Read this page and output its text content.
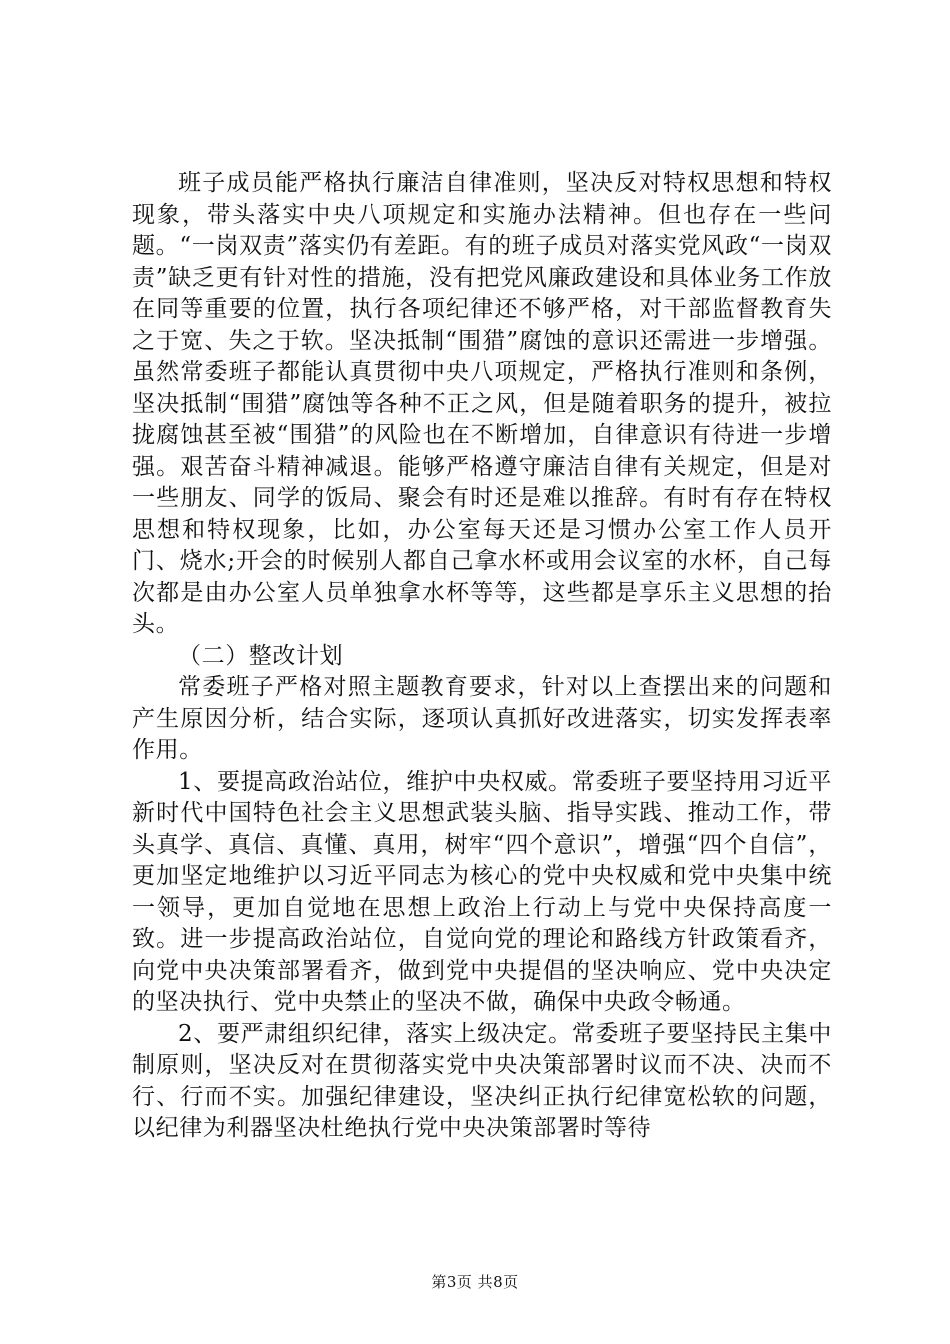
班子成员能严格执行廉洁自律准则，坚决反对特权思想和特权现象，带头落实中央八项规定和实施办法精神。但也存在一些问题。“一岗双责”落实仍有差距。有的班子成员对落实党风政“一岗双责”缺乏更有针对性的措施，没有把党风廉政建设和具体业务工作放在同等重要的位置，执行各项纪律还不够严格，对干部监督教育失之于宽、失之于软。坚决抵制“围猎”腐蚀的意识还需进一步增强。虽然常委班子都能认真贯彻中央八项规定，严格执行准则和条例，坚决抵制“围猎”腐蚀等各种不正之风，但是随着职务的提升，被拉拢腐蚀甚至被“围猎”的风险也在不断增加，自律意识有待进一步增强。艰苦奋斗精神减退。能够严格遵守廉洁自律有关规定，但是对一些朋友、同学的饭局、聚会有时还是难以推辞。有时有存在特权思想和特权现象，比如，办公室每天还是习惯办公室工作人员开门、烧水;开会的时候别人都自己拿水杯或用会议室的水杯，自己每次都是由办公室人员单独拿水杯等等，这些都是享乐主义思想的抬头。

（二）整改计划

常委班子严格对照主题教育要求，针对以上查摆出来的问题和产生原因分析，结合实际，逐项认真抓好改进落实，切实发挥表率作用。

1、要提高政治站位，维护中央权威。常委班子要坚持用习近平新时代中国特色社会主义思想武装头脑、指导实践、推动工作，带头真学、真信、真懂、真用，树牢“四个意识”，增强“四个自信”，更加坚定地维护以习近平同志为核心的党中央权威和党中央集中统一领导，更加自觉地在思想上政治上行动上与党中央保持高度一致。进一步提高政治站位，自觉向党的理论和路线方针政策看齐，向党中央决策部署看齐，做到党中央提倡的坚决响应、党中央决定的坚决执行、党中央禁止的坚决不做，确保中央政令畅通。

2、要严肃组织纪律，落实上级决定。常委班子要坚持民主集中制原则，坚决反对在贯彻落实党中央决策部署时议而不决、决而不行、行而不实。加强纪律建设，坚决纠正执行纪律宽松软的问题，以纪律为利器坚决杜绝执行党中央决策部署时等待

第3页 共8页
